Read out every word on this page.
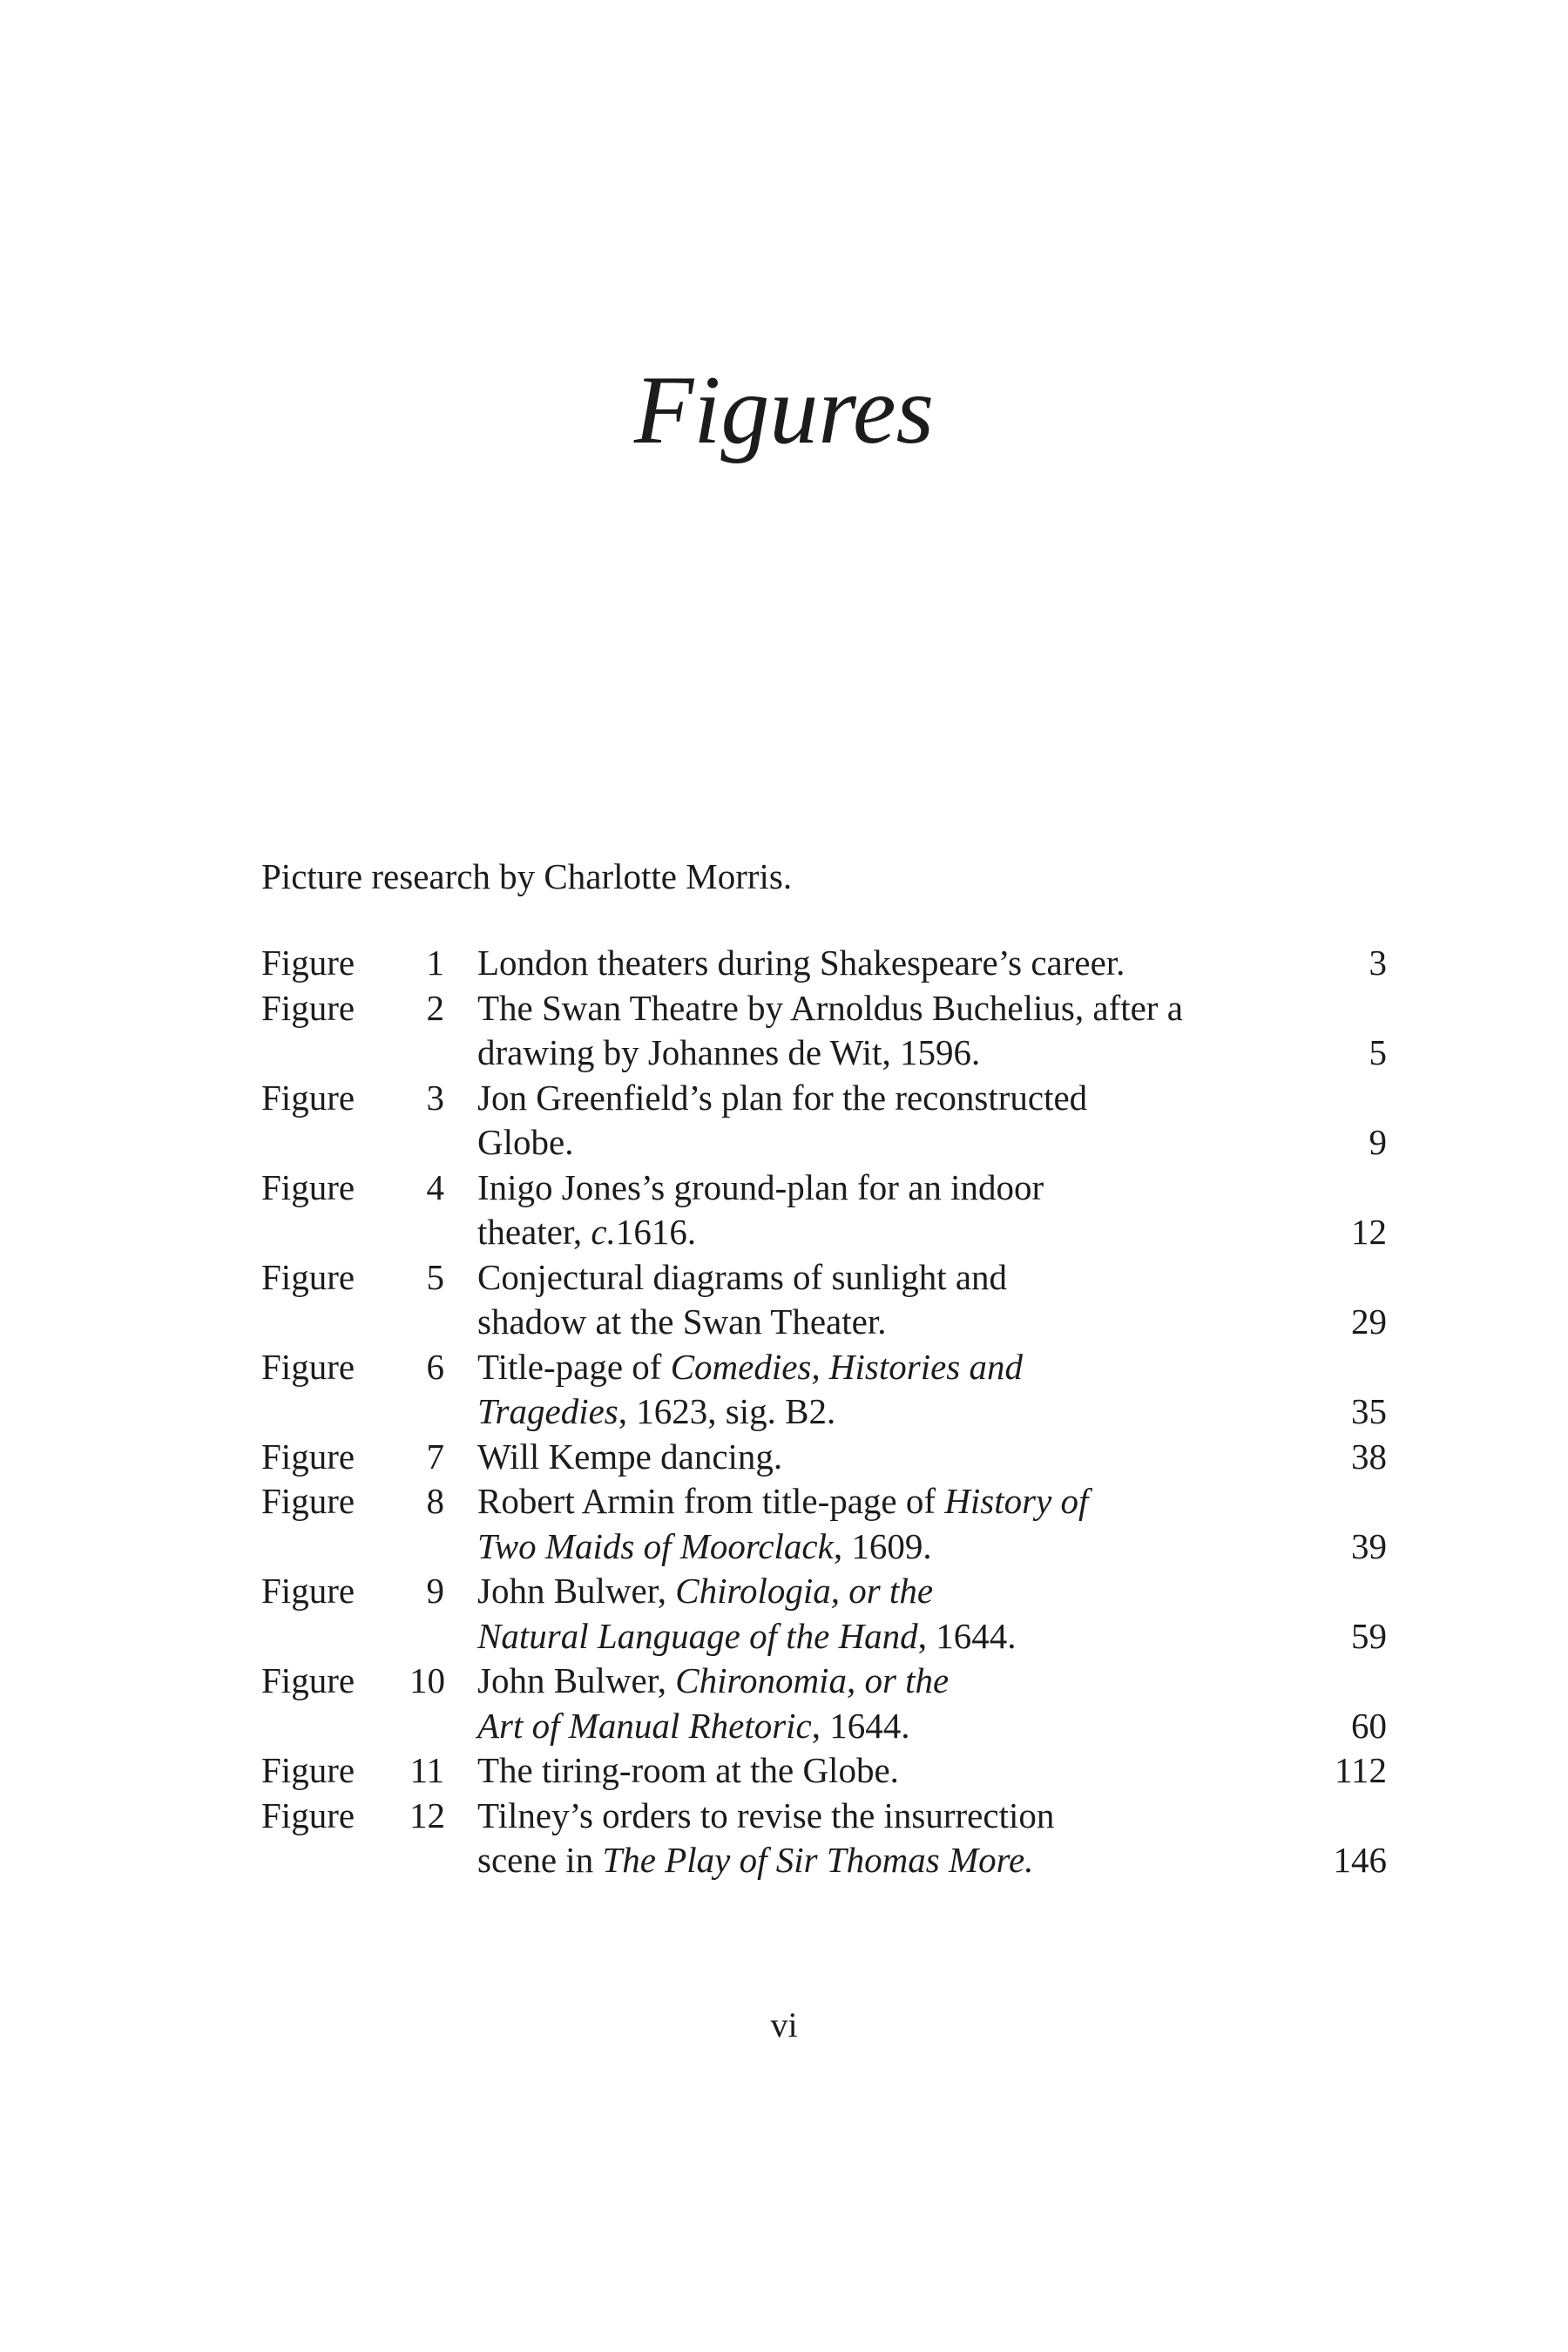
Figures

Picture research by Charlotte Morris.

Figure	1 London theaters during Shakespeare’s career.	3
Figure	2 The Swan Theatre by Arnoldus Buchelius, after a
drawing by Johannes de Wit, 1596.	5
Figure	3 Jon Greenfield’s plan for the reconstructed
Globe.	9
Figure	4 Inigo Jones’s ground-plan for an indoor
theater, c.1616.	12
Figure	5 Conjectural diagrams of sunlight and
shadow at the Swan Theater.	29
Figure	6 Title-page of Comedies, Histories and
Tragedies, 1623, sig. B2.	35
Figure	7 Will Kempe dancing.	38
Figure	8 Robert Armin from title-page of History of
Two Maids of Moorclack, 1609.	39
Figure	9 John Bulwer, Chirologia, or the
Natural Language of the Hand, 1644.	59
Figure	10 John Bulwer, Chironomia, or the
Art of Manual Rhetoric, 1644.	60
Figure	11 The tiring-room at the Globe.	112
Figure	12 Tilney’s orders to revise the insurrection
scene in The Play of Sir Thomas More.	146
vi
